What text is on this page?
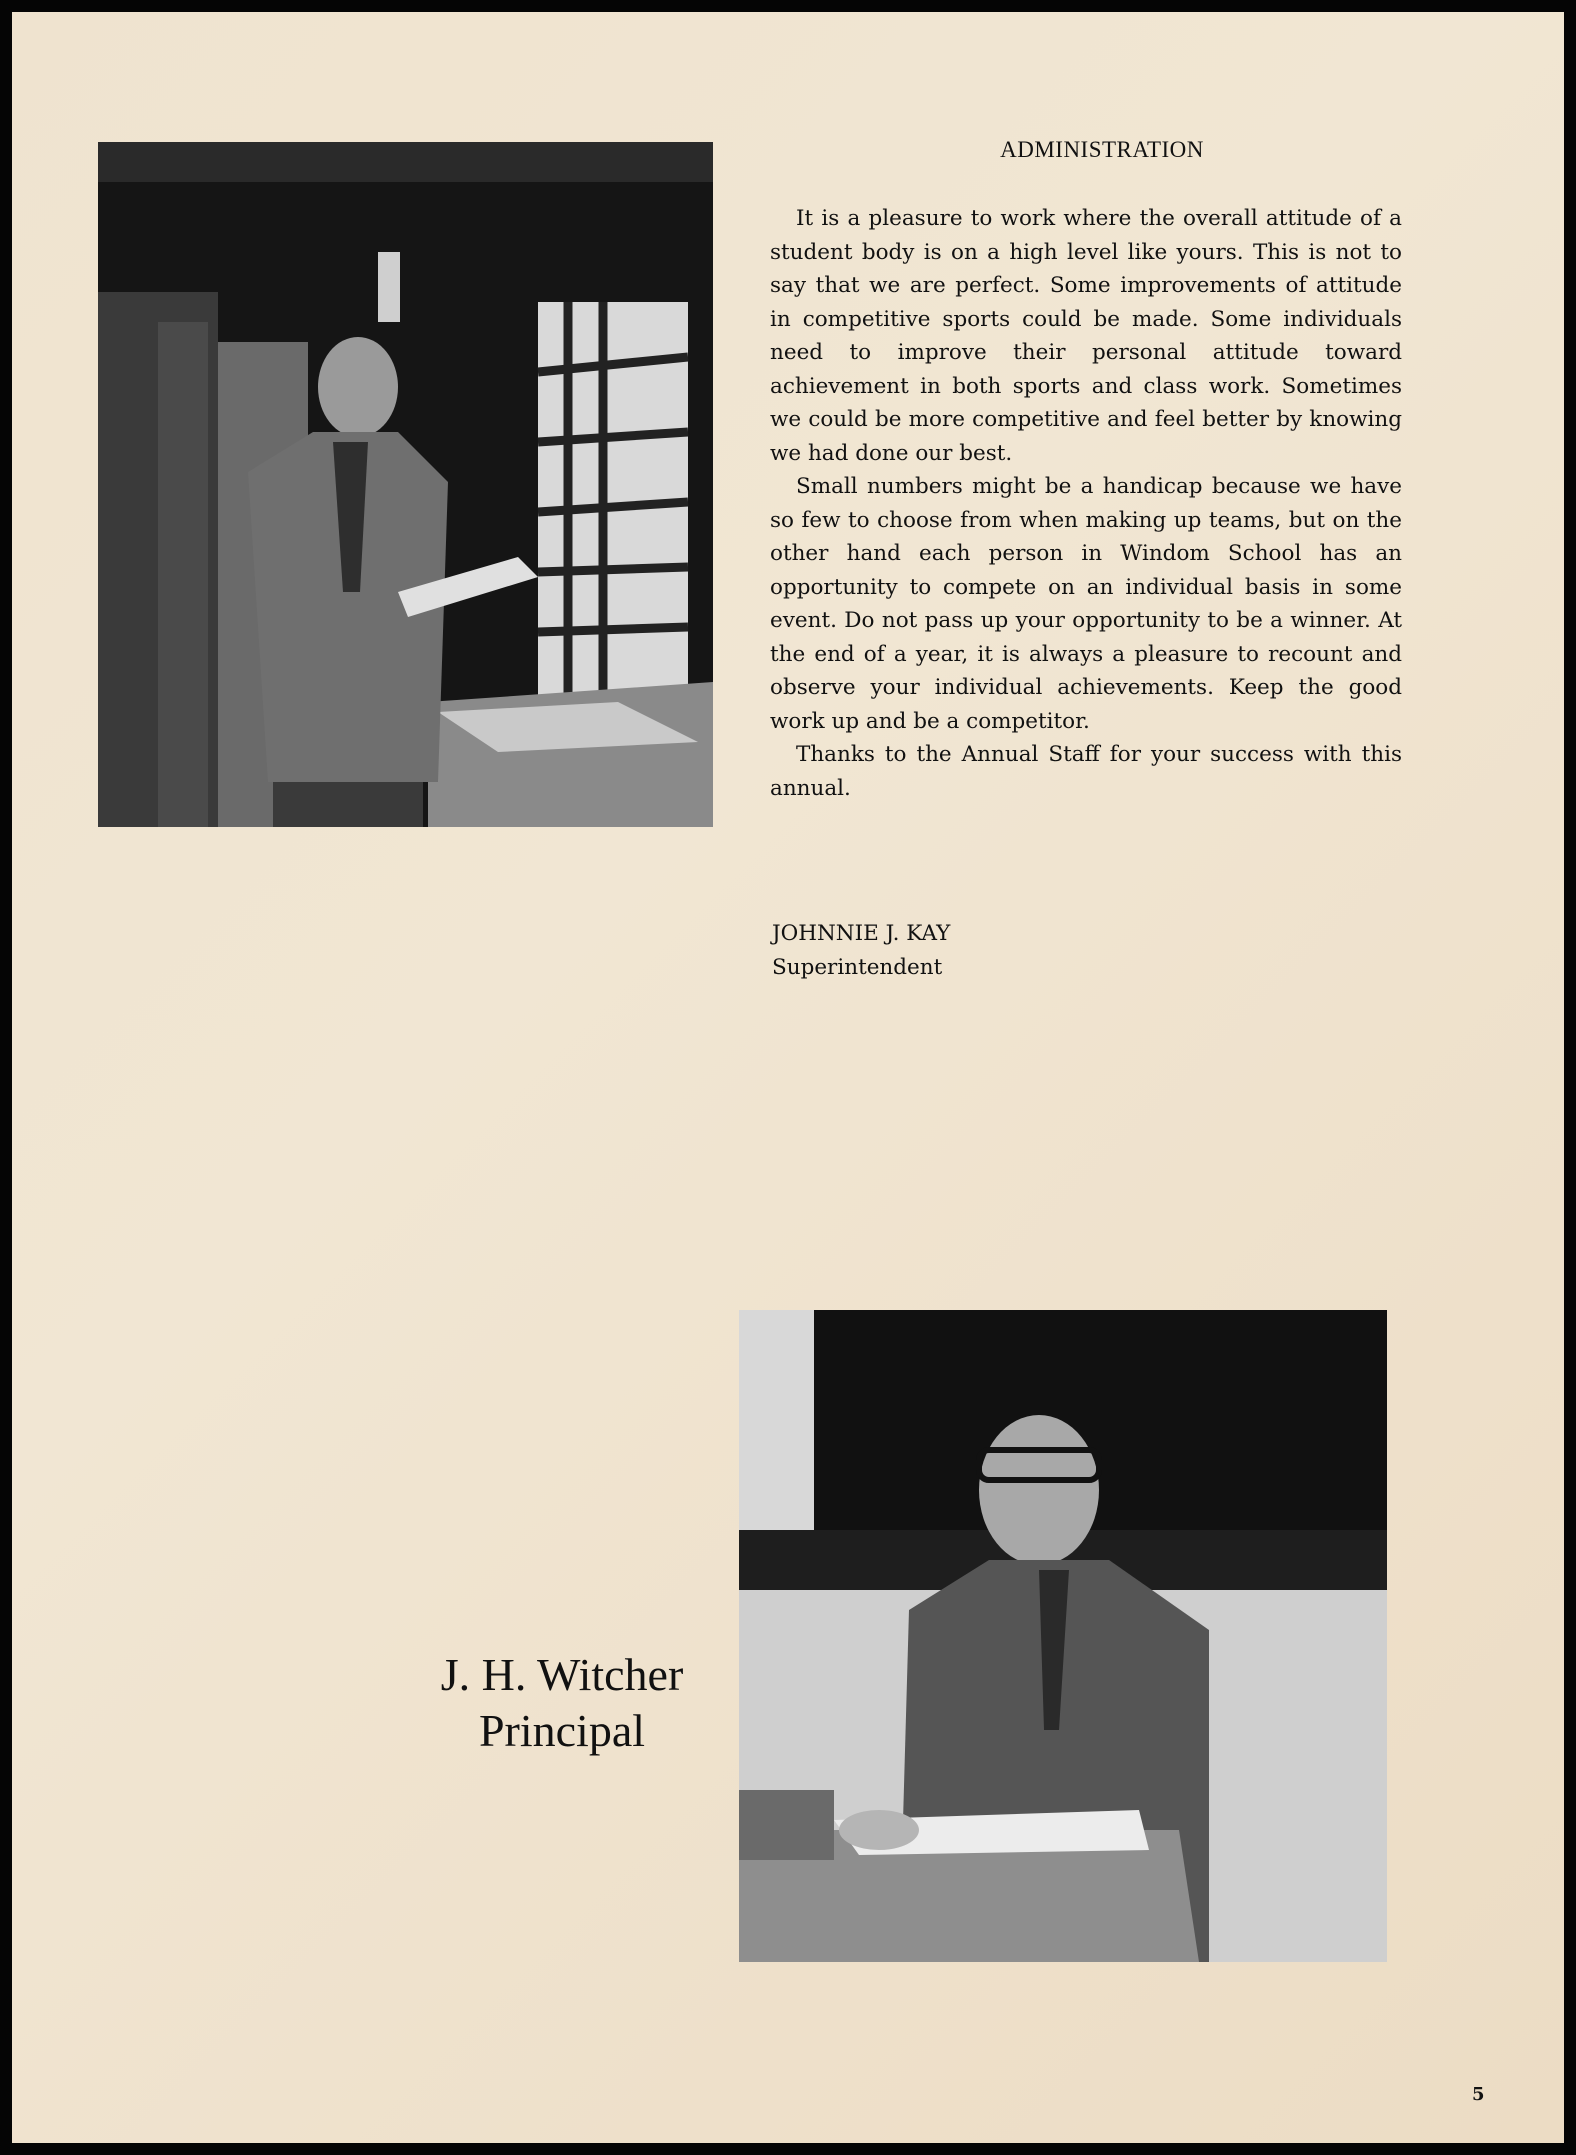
ADMINISTRATION

It is a pleasure to work where the overall attitude of a student body is on a high level like yours. This is not to say that we are perfect. Some improvements of attitude in competitive sports could be made. Some individuals need to improve their personal attitude toward achievement in both sports and class work. Sometimes we could be more competitive and feel better by knowing we had done our best.

Small numbers might be a handicap because we have so few to choose from when making up teams, but on the other hand each person in Windom School has an opportunity to compete on an individual basis in some event. Do not pass up your opportunity to be a winner. At the end of a year, it is always a pleasure to recount and observe your individual achievements. Keep the good work up and be a competitor.

Thanks to the Annual Staff for your success with this annual.

JOHNNIE J. KAY
Superintendent
J. H. Witcher
Principal
5
